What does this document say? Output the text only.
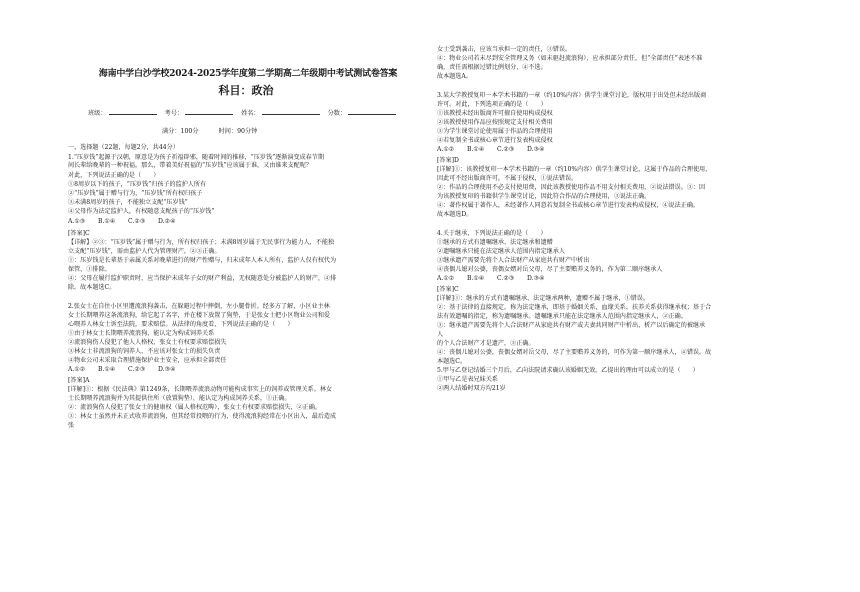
海南中学白沙学校2024-2025学年度第二学期高二年级期中考试测试卷答案
科目：政治
班级：	考号：	姓名：	分数：
满分：100分	时间：90分钟
一、选择题（22题，每题2分，共44分）
1.“压岁钱”起源于汉朝，原意是为孩子祈福辟邪，随着时间的推移，“压岁钱”逐渐演变成春节期
间长辈给晚辈的一种祝福。那么，带着美好祝福的“压岁钱”应该属于谁，又由谁来支配呢？
对此，下列说法正确的是（　　）
①8周岁以下的孩子，“压岁钱”归孩子的监护人所有
②“压岁钱”属于赠与行为，“压岁钱”所有权归孩子
③未满8周岁的孩子，不能独立支配“压岁钱”
④父母作为法定监护人，有权随意支配孩子的“压岁钱”
A.①③ B.①④ C.②③ D.②④
[答案]C
【详解】②③：“压岁钱”属于赠与行为，所有权归孩子；未满8周岁属于无民事行为能力人，不能独
立支配“压岁钱”，需由监护人代为管理财产，②③正确。
①：压岁钱是长辈基于亲属关系对晚辈进行的财产性赠与，归未成年人本人所有，监护人仅有权代为
保管，①排除。
④：父母在履行监护职责时，应当保护未成年子女的财产利益，无权随意处分被监护人的财产，④排
除。故本题选C。
2.张女士在自住小区里遭流浪狗袭击，在躲避过程中摔倒，左小腿骨折。经多方了解，小区业主林
女士长期喂养这条流浪狗，给它起了名字，并在楼下放置了狗垫，于是张女士把小区物业公司和爱
心喂养人林女士诉至法院，要求赔偿。从法律的角度看，下列说法正确的是（　　）
①由于林女士长期喂养流浪狗，能认定为构成饲养关系
②流浪狗伤人侵犯了他人人格权，张女士有权要求赔偿损失
③林女士非流浪狗的饲养人，不应该对张女士的损失负责
④物业公司未采取合理措施保护业主安全，应承担全部责任
A.①② B.①④ C.②③ D.③④
[答案]A
[详解]①：根据《民法典》第1249条，长期喂养流浪动物可能构成事实上的饲养或管理关系。林女
士长期喂养流浪狗并为其提供住所（放置狗垫），能认定为构成饲养关系，①正确。
②：流浪狗伤人侵犯了张女士的健康权（属人格权范畴），张女士有权要求赔偿损失，②正确。
③：林女士虽然并未正式收养流浪狗，但其经常投喂的行为，使得流浪狗经常在小区出入，最后造成
张
女士受到袭击，应该当承担一定的责任，③错误。
④：物业公司若未尽到安全管理义务（如未驱赶流浪狗），应承担部分责任，但“全部责任”表述不准
确，责任需根据过错比例划分，④不选。
故本题选A。
3.某大学教授复印一本学术书籍的一章（约10%内容）供学生课堂讨论，版权用于出处但未经出版商
许可。对此，下列选项正确的是（　　）
①该教授未经出版商许可擅自使用构成侵权
②该教授使用作品应按照规定支付相关费用
③为学生课堂讨论使用属于作品的合理使用
④若复制全书或核心章节进行发表构成侵权
A.①② B.①④ C.②③ D.③④
[答案]D
[详解]①：该教授复印一本学术书籍的一章（约10%内容）供学生课堂讨论，这属于作品的合理使用，
因此可不经出版商许可，不属于侵权，①说法错误。
②：作品的合理使用不必支付使用费，因此该教授使用作品不用支付相关费用，②说法错误。③：因
为该教授复印的书籍供学生课堂讨论，因此符合作品的合理使用，③说法正确。
④：著作权属于著作人，未经著作人同意若复制全书或核心章节进行发表构成侵权，④说法正确。
故本题选D。
4.关于继承，下列说法正确的是（　　）
①继承的方式有遗嘱继承、法定继承和遗赠
②遗嘱继承只能在法定继承人范围内指定继承人
③继承遗产需要先将个人合法财产从家庭共有财产中析出
④丧偶儿媳对公婆，丧偶女婿对岳父母，尽了主要赡养义务的，作为第二顺序继承人
A.①② B.①④ C.②③ D.③④
[答案]C
[详解]①：继承的方式有遗嘱继承、法定继承两种，遗赠不属于继承，①错误。
②：基于法律的直接规定，称为法定继承，即基于婚姻关系、血缘关系、扶养关系获得继承权；基于合
法有效遗嘱的指定，称为遗嘱继承。遗嘱继承只能在法定继承人范围内指定继承人，②正确。
③：继承遗产需要先将个人合法财产从家庭共有财产或夫妻共同财产中析出，析产以后确定的被继承
人
的个人合法财产才是遗产，③正确。
④：丧偶儿媳对公婆，丧偶女婿对岳父母，尽了主要赡养义务的，可作为第一顺序继承人，④错误。故
本题选C。
5.甲与乙登记结婚三个月后，乙向法院请求确认该婚姻无效。乙提出的理由可以成立的是（　　）
①甲与乙是表兄妹关系
②两人结婚时双方均21岁
